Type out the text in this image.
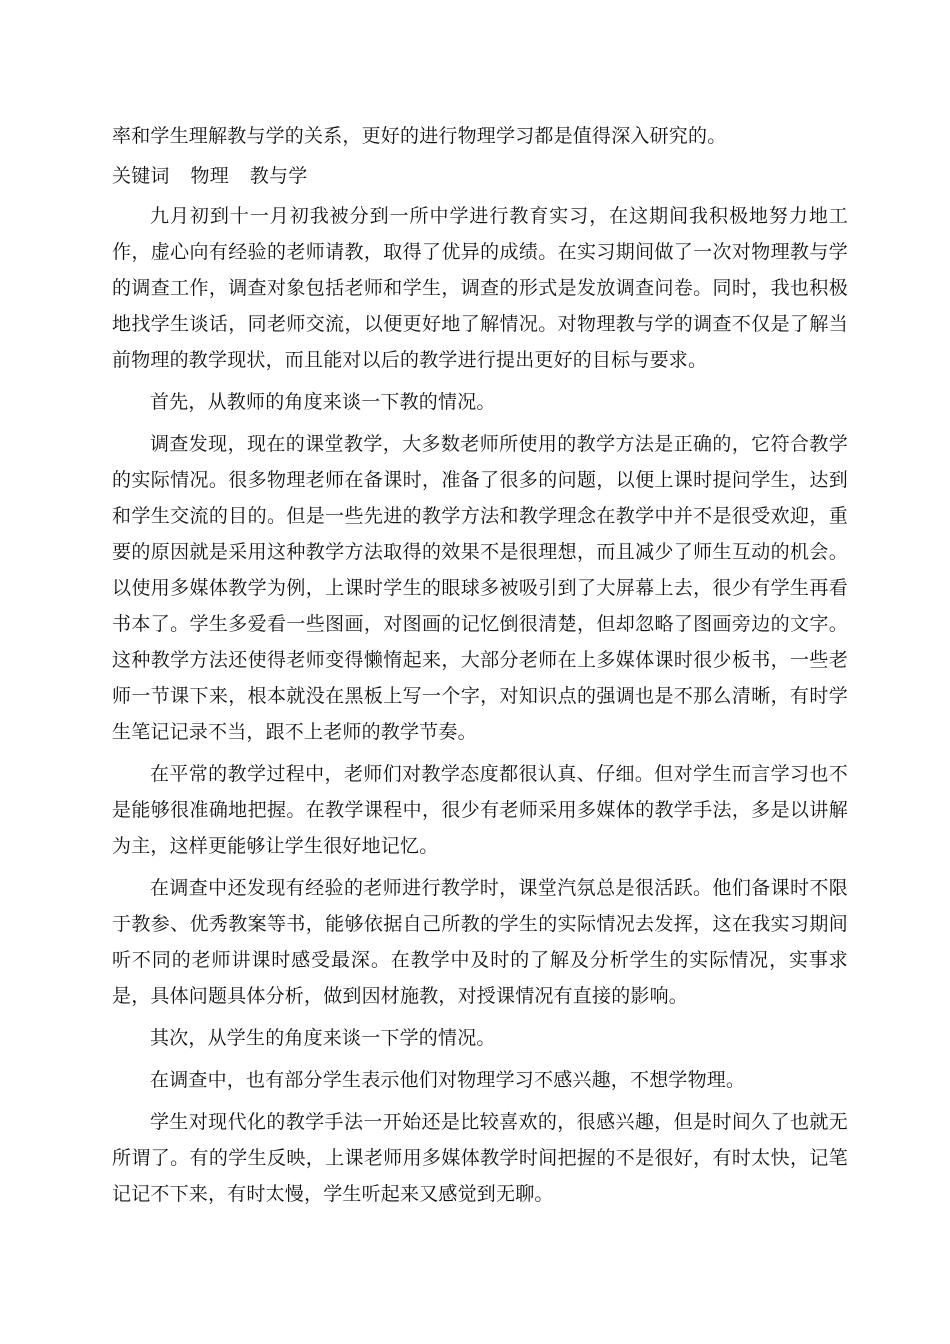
率和学生理解教与学的关系，更好的进行物理学习都是值得深入研究的。

关键词 物理 教与学

九月初到十一月初我被分到一所中学进行教育实习，在这期间我积极地努力地工作，虚心向有经验的老师请教，取得了优异的成绩。在实习期间做了一次对物理教与学的调查工作，调查对象包括老师和学生，调查的形式是发放调查问卷。同时，我也积极地找学生谈话，同老师交流，以便更好地了解情况。对物理教与学的调查不仅是了解当前物理的教学现状，而且能对以后的教学进行提出更好的目标与要求。

首先，从教师的角度来谈一下教的情况。

调查发现，现在的课堂教学，大多数老师所使用的教学方法是正确的，它符合教学的实际情况。很多物理老师在备课时，准备了很多的问题，以便上课时提问学生，达到和学生交流的目的。但是一些先进的教学方法和教学理念在教学中并不是很受欢迎，重要的原因就是采用这种教学方法取得的效果不是很理想，而且减少了师生互动的机会。以使用多媒体教学为例，上课时学生的眼球多被吸引到了大屏幕上去，很少有学生再看书本了。学生多爱看一些图画，对图画的记忆倒很清楚，但却忽略了图画旁边的文字。这种教学方法还使得老师变得懒惰起来，大部分老师在上多媒体课时很少板书，一些老师一节课下来，根本就没在黑板上写一个字，对知识点的强调也是不那么清晰，有时学生笔记记录不当，跟不上老师的教学节奏。

在平常的教学过程中，老师们对教学态度都很认真、仔细。但对学生而言学习也不是能够很准确地把握。在教学课程中，很少有老师采用多媒体的教学手法，多是以讲解为主，这样更能够让学生很好地记忆。

在调查中还发现有经验的老师进行教学时，课堂汽氛总是很活跃。他们备课时不限于教参、优秀教案等书，能够依据自己所教的学生的实际情况去发挥，这在我实习期间听不同的老师讲课时感受最深。在教学中及时的了解及分析学生的实际情况，实事求是，具体问题具体分析，做到因材施教，对授课情况有直接的影响。

其次，从学生的角度来谈一下学的情况。

在调查中，也有部分学生表示他们对物理学习不感兴趣，不想学物理。

学生对现代化的教学手法一开始还是比较喜欢的，很感兴趣，但是时间久了也就无所谓了。有的学生反映，上课老师用多媒体教学时间把握的不是很好，有时太快，记笔记记不下来，有时太慢，学生听起来又感觉到无聊。
